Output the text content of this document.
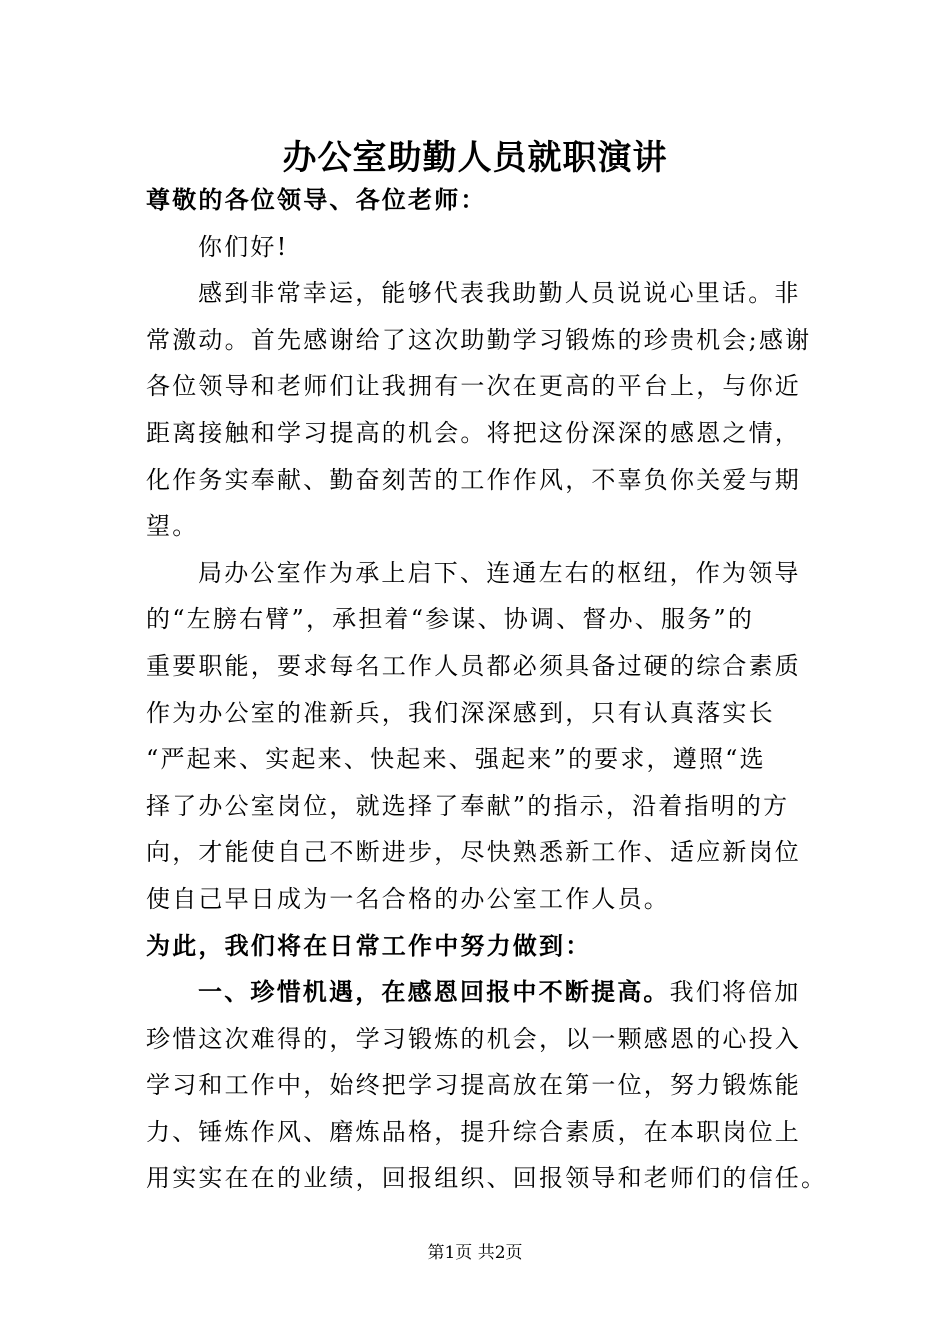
办公室助勤人员就职演讲
尊敬的各位领导、各位老师：
你们好!
感到非常幸运，能够代表我助勤人员说说心里话。非
常激动。首先感谢给了这次助勤学习锻炼的珍贵机会;感谢
各位领导和老师们让我拥有一次在更高的平台上，与你近
距离接触和学习提高的机会。将把这份深深的感恩之情，
化作务实奉献、勤奋刻苦的工作作风，不辜负你关爱与期
望。
局办公室作为承上启下、连通左右的枢纽，作为领导
的“左膀右臂”，承担着“参谋、协调、督办、服务”的
重要职能，要求每名工作人员都必须具备过硬的综合素质
作为办公室的准新兵，我们深深感到，只有认真落实长
“严起来、实起来、快起来、强起来”的要求，遵照“选
择了办公室岗位，就选择了奉献”的指示，沿着指明的方
向，才能使自己不断进步，尽快熟悉新工作、适应新岗位
使自己早日成为一名合格的办公室工作人员。
为此，我们将在日常工作中努力做到：
一、珍惜机遇，在感恩回报中不断提高。我们将倍加
珍惜这次难得的，学习锻炼的机会，以一颗感恩的心投入
学习和工作中，始终把学习提高放在第一位，努力锻炼能
力、锤炼作风、磨炼品格，提升综合素质，在本职岗位上
用实实在在的业绩，回报组织、回报领导和老师们的信任。
第1页 共2页
